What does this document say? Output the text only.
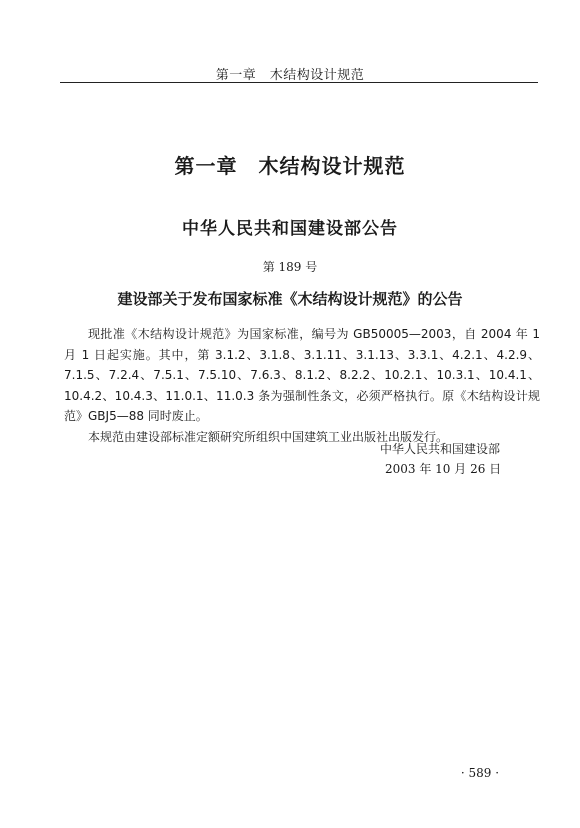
第一章　木结构设计规范
第一章　木结构设计规范
中华人民共和国建设部公告
第 189 号
建设部关于发布国家标准《木结构设计规范》的公告

现批准《木结构设计规范》为国家标准，编号为 GB50005—2003，自 2004 年 1 月 1 日起实施。其中，第 3.1.2、3.1.8、3.1.11、3.1.13、3.3.1、4.2.1、4.2.9、7.1.5、7.2.4、7.5.1、7.5.10、7.6.3、8.1.2、8.2.2、10.2.1、10.3.1、10.4.1、10.4.2、10.4.3、11.0.1、11.0.3 条为强制性条文，必须严格执行。原《木结构设计规范》GBJ5—88 同时废止。

本规范由建设部标准定额研究所组织中国建筑工业出版社出版发行。

中华人民共和国建设部
2003 年 10 月 26 日
· 589 ·
